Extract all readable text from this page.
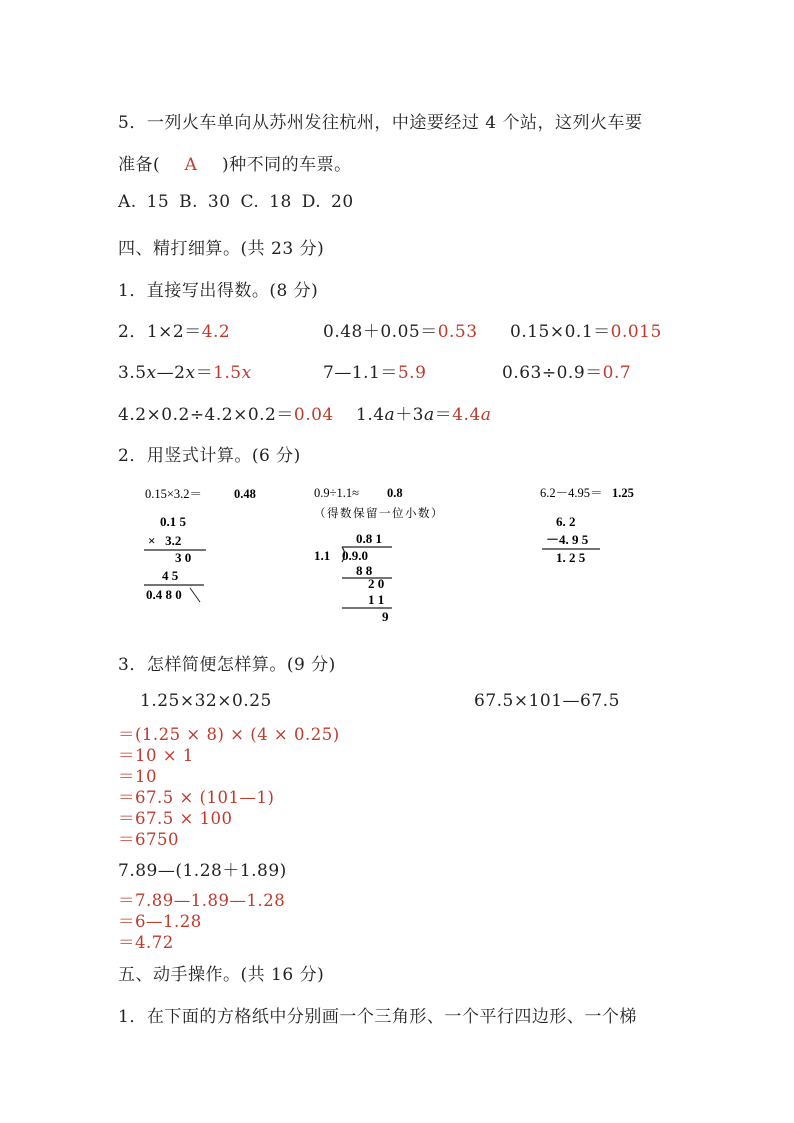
5．一列火车单向从苏州发往杭州，中途要经过 4 个站，这列火车要
准备( A )种不同的车票。
A. 15 B. 30 C. 18 D. 20
四、精打细算。(共 23 分)
1．直接写出得数。(8 分)
2．1×2＝4.2	0.48＋0.05＝0.53 0.15×0.1＝0.015
3.5x—2x＝1.5x	7—1.1＝5.9	0.63÷0.9＝0.7
4.2×0.2÷4.2×0.2＝0.04 1.4a＋3a＝4.4a
2．用竖式计算。(6 分)
0.15×3.2＝	0.48
0.1 5
×   3.2
3 0
4 5
0.4 8 0
0.9÷1.1≈ 0.8
（得数保留一位小数）
0.8 1
1.1 0.9.0
8 8
2 0
1 1
9
6.2－4.95＝ 1.25
6. 2
－4. 9 5
1. 2 5
3．怎样简便怎样算。(9 分)
1.25×32×0.25	67.5×101—67.5
＝(1.25 × 8) × (4 × 0.25)
＝10 × 1
＝10
＝67.5 × (101—1)
＝67.5 × 100
＝6750
7.89—(1.28＋1.89)
＝7.89—1.89—1.28
＝6—1.28
＝4.72
五、动手操作。(共 16 分)
1．在下面的方格纸中分别画一个三角形、一个平行四边形、一个梯
